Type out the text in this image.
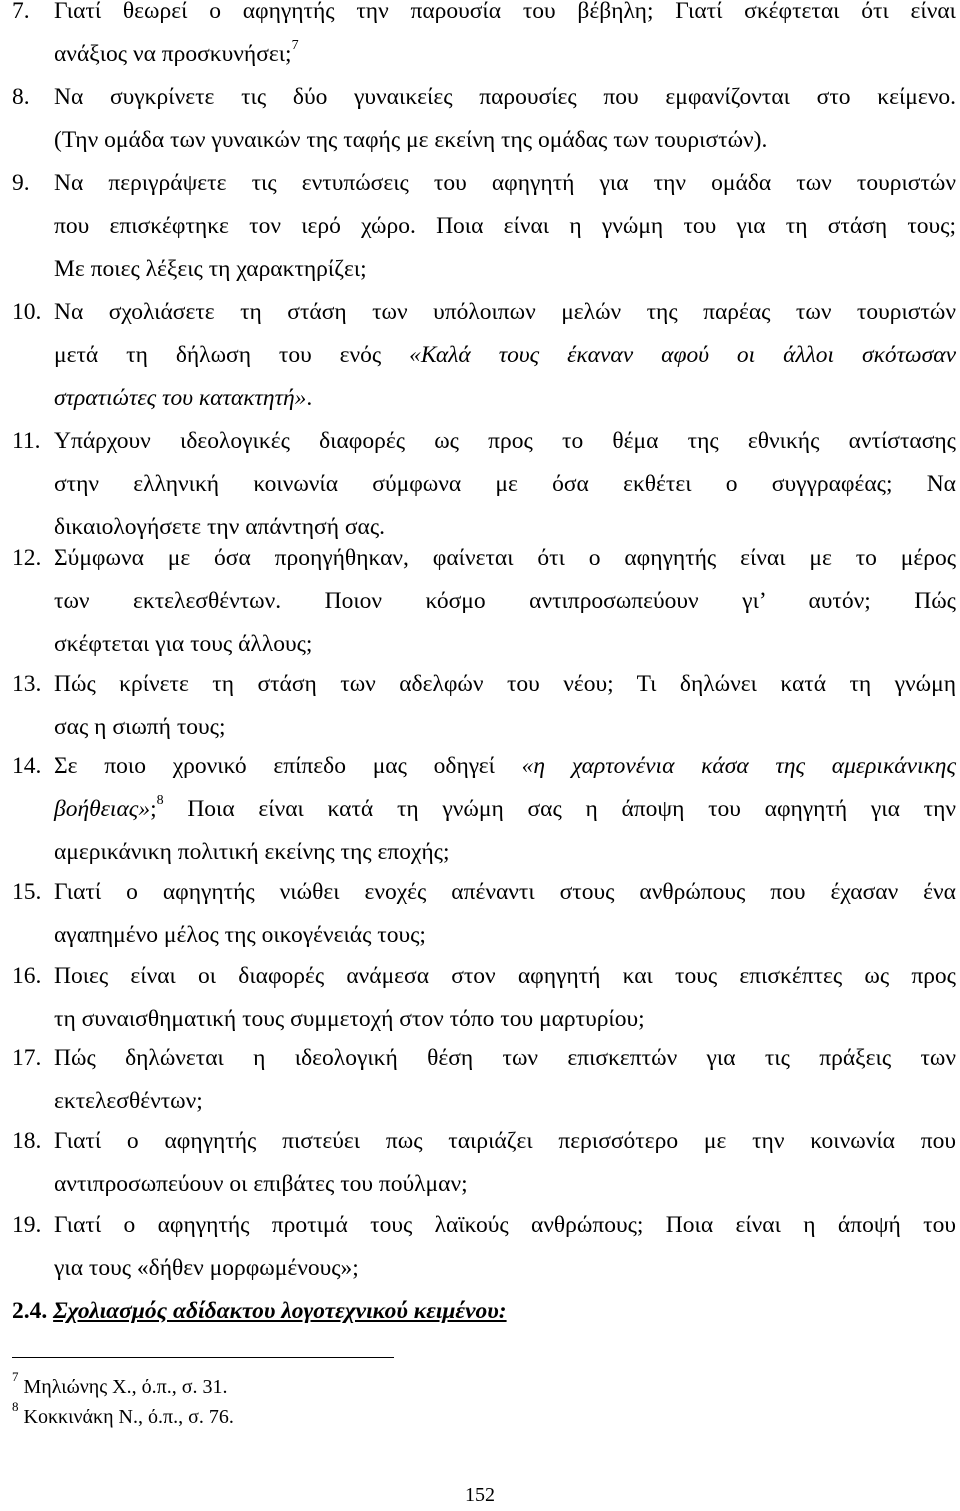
7. Γιατί θεωρεί ο αφηγητής την παρουσία του βέβηλη; Γιατί σκέφτεται ότι είναι
ανάξιος να προσκυνήσει;$^7$
8. Να συγκρίνετε τις δύο γυναικείες παρουσίες που εμφανίζονται στο κείμενο.
(Την ομάδα των γυναικών της ταφής με εκείνη της ομάδας των τουριστών).
9. Να περιγράψετε τις εντυπώσεις του αφηγητή για την ομάδα των τουριστών
που επισκέφτηκε τον ιερό χώρο. Ποια είναι η γνώμη του για τη στάση τους;
Με ποιες λέξεις τη χαρακτηρίζει;
10. Να σχολιάσετε τη στάση των υπόλοιπων μελών της παρέας των τουριστών
μετά τη δήλωση του ενός «Καλά τους έκαναν αφού οι άλλοι σκότωσαν
στρατιώτες του κατακτητή».
11. Υπάρχουν ιδεολογικές διαφορές ως προς το θέμα της εθνικής αντίστασης
στην ελληνική κοινωνία σύμφωνα με όσα εκθέτει ο συγγραφέας; Να
δικαιολογήσετε την απάντησή σας.
12. Σύμφωνα με όσα προηγήθηκαν, φαίνεται ότι ο αφηγητής είναι με το μέρος
των εκτελεσθέντων. Ποιον κόσμο αντιπροσωπεύουν γι’ αυτόν; Πώς
σκέφτεται για τους άλλους;
13. Πώς κρίνετε τη στάση των αδελφών του νέου; Τι δηλώνει κατά τη γνώμη
σας η σιωπή τους;
14. Σε ποιο χρονικό επίπεδο μας οδηγεί «η χαρτονένια κάσα της αμερικάνικης
βοήθειας»;$^8$ Ποια είναι κατά τη γνώμη σας η άποψη του αφηγητή για την
αμερικάνικη πολιτική εκείνης της εποχής;
15. Γιατί ο αφηγητής νιώθει ενοχές απέναντι στους ανθρώπους που έχασαν ένα
αγαπημένο μέλος της οικογένειάς τους;
16. Ποιες είναι οι διαφορές ανάμεσα στον αφηγητή και τους επισκέπτες ως προς
τη συναισθηματική τους συμμετοχή στον τόπο του μαρτυρίου;
17. Πώς δηλώνεται η ιδεολογική θέση των επισκεπτών για τις πράξεις των
εκτελεσθέντων;
18. Γιατί ο αφηγητής πιστεύει πως ταιριάζει περισσότερο με την κοινωνία που
αντιπροσωπεύουν οι επιβάτες του πούλμαν;
19. Γιατί ο αφηγητής προτιμά τους λαϊκούς ανθρώπους; Ποια είναι η άποψή του
για τους «δήθεν μορφωμένους»;
2.4. Σχολιασμός αδίδακτου λογοτεχνικού κειμένου:
$^7$ Μηλιώνης Χ., ό.π., σ. 31.
$^8$ Κοκκινάκη Ν., ό.π., σ. 76.
152
